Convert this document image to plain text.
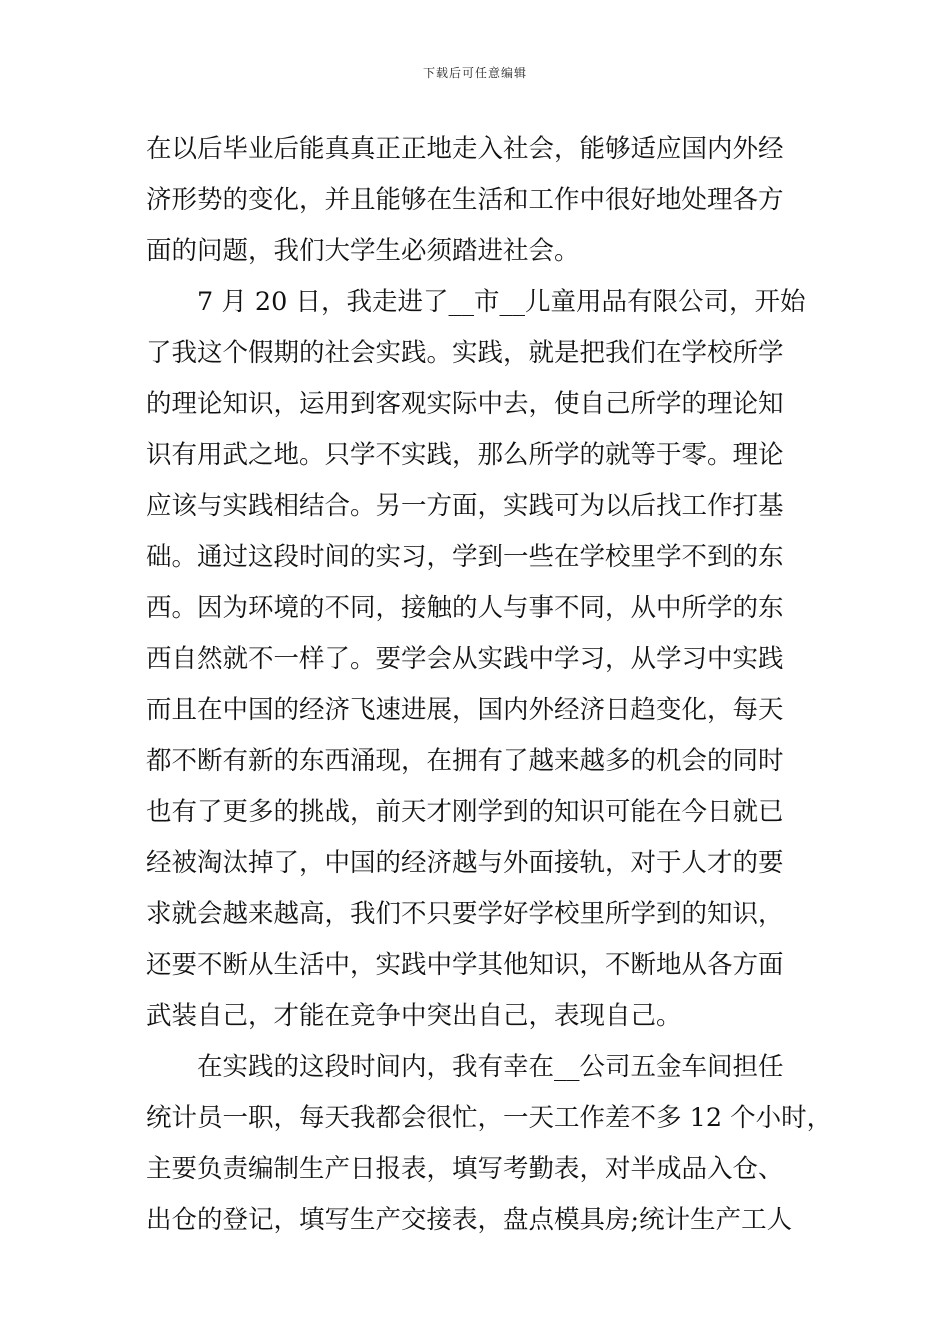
下载后可任意编辑
在以后毕业后能真真正正地走入社会，能够适应国内外经
济形势的变化，并且能够在生活和工作中很好地处理各方
面的问题，我们大学生必须踏进社会。
7 月 20 日，我走进了__市__儿童用品有限公司，开始
了我这个假期的社会实践。实践，就是把我们在学校所学
的理论知识，运用到客观实际中去，使自己所学的理论知
识有用武之地。只学不实践，那么所学的就等于零。理论
应该与实践相结合。另一方面，实践可为以后找工作打基
础。通过这段时间的实习，学到一些在学校里学不到的东
西。因为环境的不同，接触的人与事不同，从中所学的东
西自然就不一样了。要学会从实践中学习，从学习中实践
而且在中国的经济飞速进展，国内外经济日趋变化，每天
都不断有新的东西涌现，在拥有了越来越多的机会的同时
也有了更多的挑战，前天才刚学到的知识可能在今日就已
经被淘汰掉了，中国的经济越与外面接轨，对于人才的要
求就会越来越高，我们不只要学好学校里所学到的知识，
还要不断从生活中，实践中学其他知识，不断地从各方面
武装自己，才能在竞争中突出自己，表现自己。
在实践的这段时间内，我有幸在__公司五金车间担任
统计员一职，每天我都会很忙，一天工作差不多 12 个小时，
主要负责编制生产日报表，填写考勤表，对半成品入仓、
出仓的登记，填写生产交接表，盘点模具房;统计生产工人
